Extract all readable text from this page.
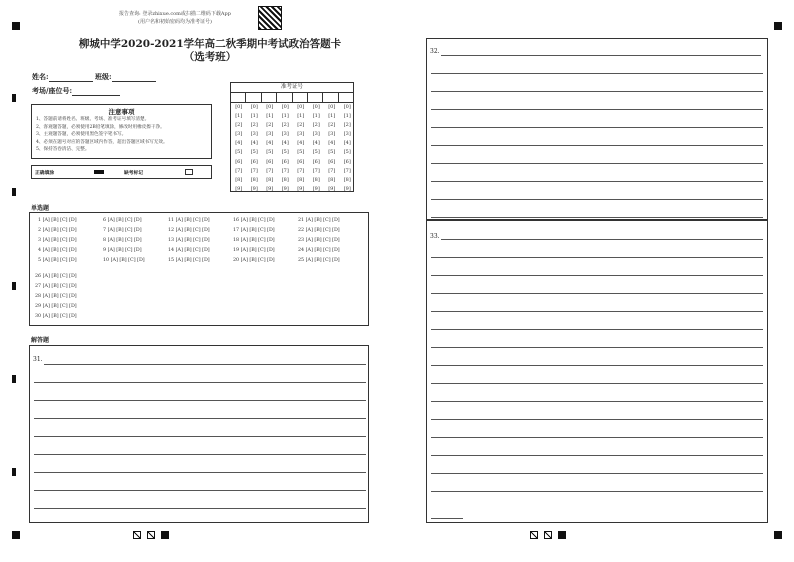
报告查询: 登录zhixue.com或扫描二维码下载App
(用户名和初始密码均为准考证号)
柳城中学2020-2021学年高二秋季期中考试政治答题卡
（选考班）
姓名:	班级:
考场/座位号:
注意事项
1、答题前请将姓名、班级、考场、准考证号填写清楚。
2、客观题答题，必须使用2B铅笔填涂，修改时用橡皮擦干净。
3、主观题答题，必须使用黑色签字笔书写。
4、必须在题号对应的答题区域内作答，超出答题区域书写无效。
5、保持答卷清洁、完整。
正确填涂	缺考标记
准考证号
[0]
[1]
[2]
[3]
[4]
[5]
[6]
[7]
[8]
[9]
[0]
[1]
[2]
[3]
[4]
[5]
[6]
[7]
[8]
[9]
[0]
[1]
[2]
[3]
[4]
[5]
[6]
[7]
[8]
[9]
[0]
[1]
[2]
[3]
[4]
[5]
[6]
[7]
[8]
[9]
[0]
[1]
[2]
[3]
[4]
[5]
[6]
[7]
[8]
[9]
[0]
[1]
[2]
[3]
[4]
[5]
[6]
[7]
[8]
[9]
[0]
[1]
[2]
[3]
[4]
[5]
[6]
[7]
[8]
[9]
[0]
[1]
[2]
[3]
[4]
[5]
[6]
[7]
[8]
[9]
单选题
1 [A] [B] [C] [D]
2 [A] [B] [C] [D]
3 [A] [B] [C] [D]
4 [A] [B] [C] [D]
5 [A] [B] [C] [D]
6 [A] [B] [C] [D]
7 [A] [B] [C] [D]
8 [A] [B] [C] [D]
9 [A] [B] [C] [D]
10 [A] [B] [C] [D]
11 [A] [B] [C] [D]
12 [A] [B] [C] [D]
13 [A] [B] [C] [D]
14 [A] [B] [C] [D]
15 [A] [B] [C] [D]
16 [A] [B] [C] [D]
17 [A] [B] [C] [D]
18 [A] [B] [C] [D]
19 [A] [B] [C] [D]
20 [A] [B] [C] [D]
21 [A] [B] [C] [D]
22 [A] [B] [C] [D]
23 [A] [B] [C] [D]
24 [A] [B] [C] [D]
25 [A] [B] [C] [D]
26 [A] [B] [C] [D]
27 [A] [B] [C] [D]
28 [A] [B] [C] [D]
29 [A] [B] [C] [D]
30 [A] [B] [C] [D]
解答题
31.
32.
33.
